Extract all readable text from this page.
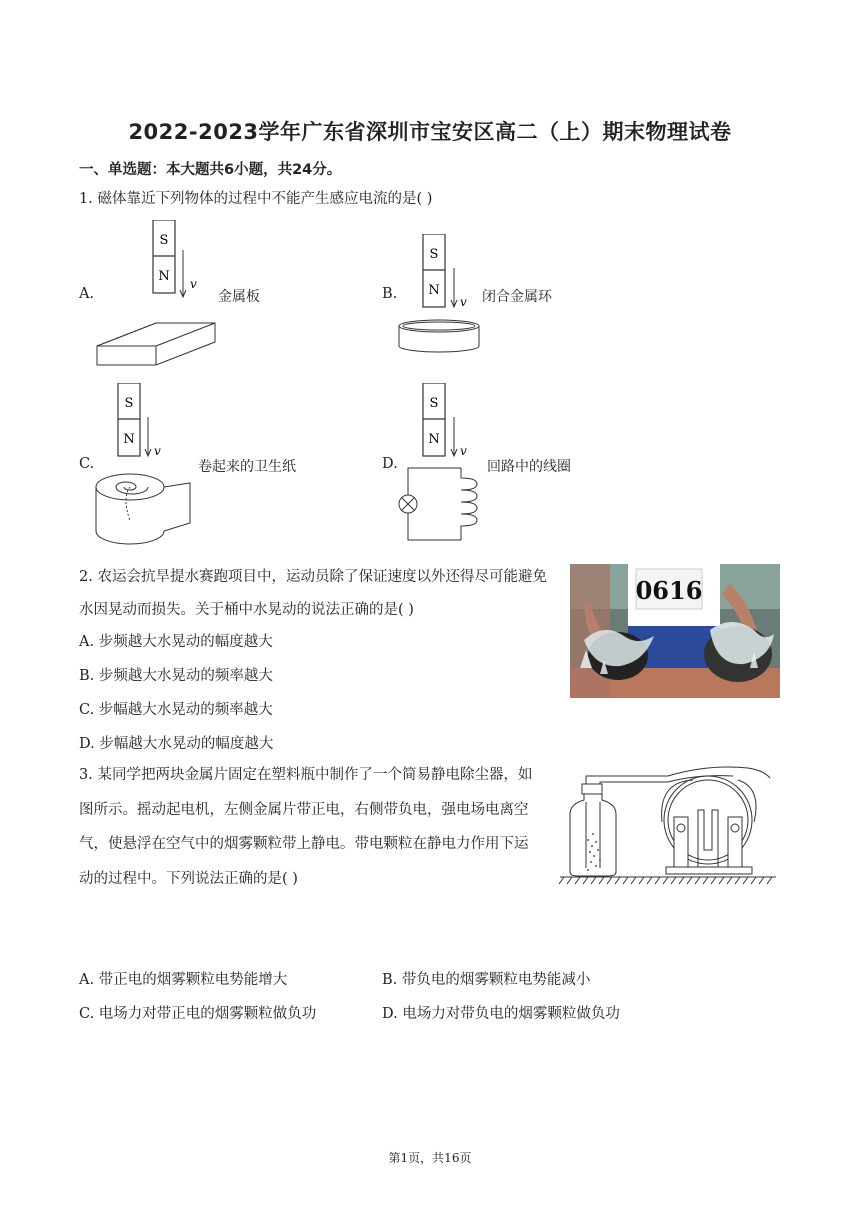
2022-2023学年广东省深圳市宝安区高二（上）期末物理试卷
一、单选题：本大题共6小题，共24分。
1. 磁体靠近下列物体的过程中不能产生感应电流的是( )
A.	金属板
S
N v
B.	闭合金属环
S
N
v
C.	卷起来的卫生纸
S
N
v
D.	回路中的线圈
S
N
v
2. 农运会抗旱提水赛跑项目中，运动员除了保证速度以外还得尽可能避免
水因晃动而损失。关于桶中水晃动的说法正确的是( )
A. 步频越大水晃动的幅度越大
B. 步频越大水晃动的频率越大
C. 步幅越大水晃动的频率越大
D. 步幅越大水晃动的幅度越大
0616
3. 某同学把两块金属片固定在塑料瓶中制作了一个简易静电除尘器，如
图所示。摇动起电机，左侧金属片带正电，右侧带负电，强电场电离空
气，使悬浮在空气中的烟雾颗粒带上静电。带电颗粒在静电力作用下运
动的过程中。下列说法正确的是( )
A. 带正电的烟雾颗粒电势能增大	B. 带负电的烟雾颗粒电势能减小
C. 电场力对带正电的烟雾颗粒做负功	D. 电场力对带负电的烟雾颗粒做负功
第1页，共16页
